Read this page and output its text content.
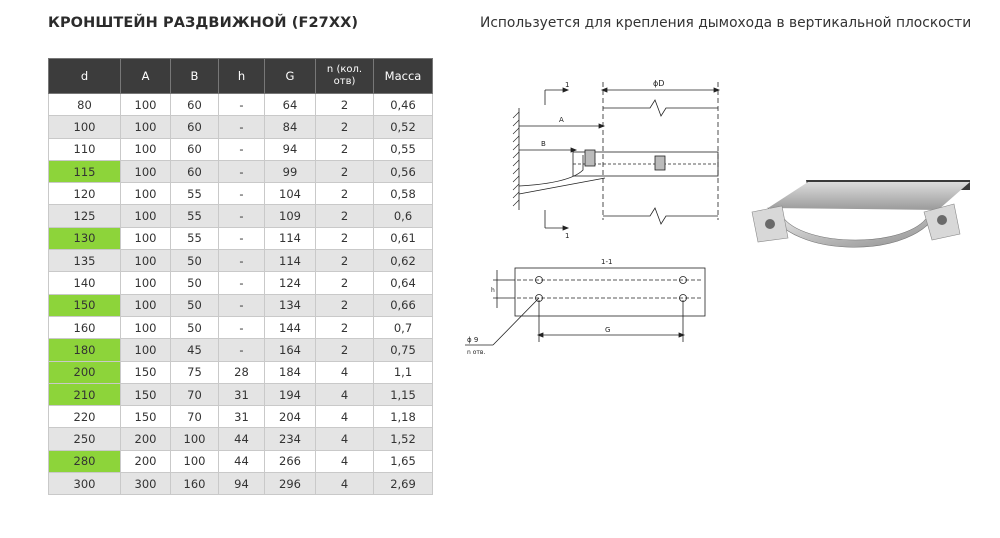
КРОНШТЕЙН РАЗДВИЖНОЙ (F27XX)	Используется для крепления дымохода в вертикальной плоскости
d	A	B	h	G	n (кол. отв)	Масса
80	100	60	-	64	2	0,46
100	100	60	-	84	2	0,52
110	100	60	-	94	2	0,55
115	100	60	-	99	2	0,56
120	100	55	-	104	2	0,58
125	100	55	-	109	2	0,6
130	100	55	-	114	2	0,61
135	100	50	-	114	2	0,62
140	100	50	-	124	2	0,64
150	100	50	-	134	2	0,66
160	100	50	-	144	2	0,7
180	100	45	-	164	2	0,75
200	150	75	28	184	4	1,1
210	150	70	31	194	4	1,15
220	150	70	31	204	4	1,18
250	200	100	44	234	4	1,52
280	200	100	44	266	4	1,65
300	300	160	94	296	4	2,69
1
1
A
B
ϕD
1-1
h
G
ϕ 9
n отв.
